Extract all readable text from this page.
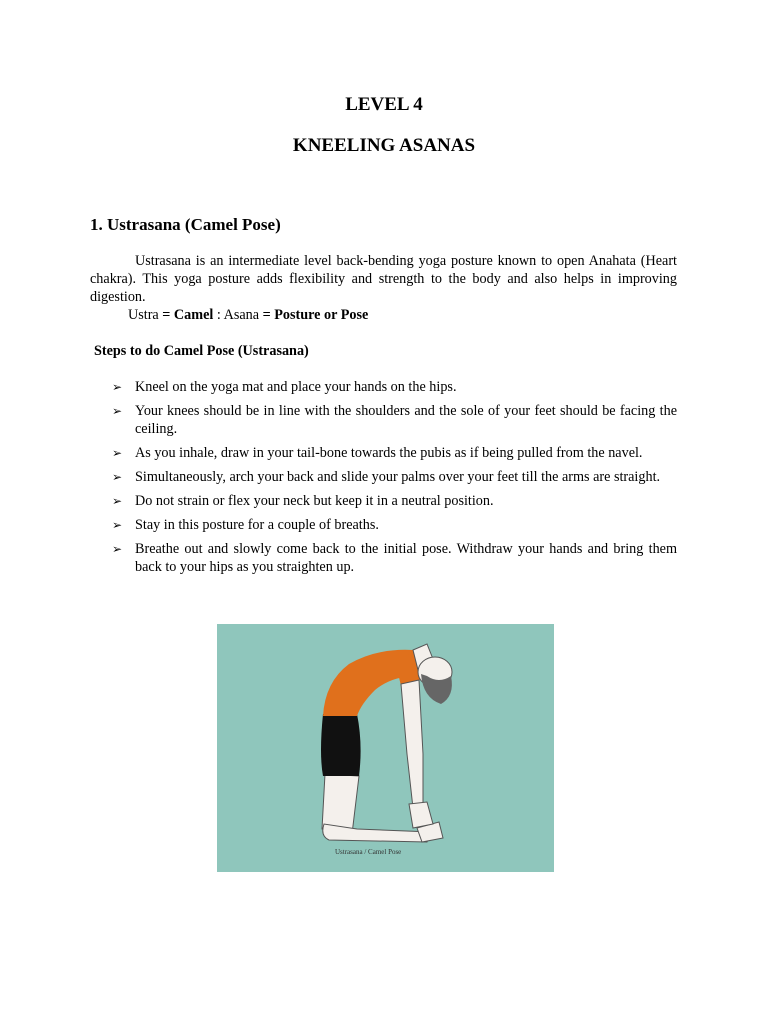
LEVEL 4
KNEELING ASANAS
1. Ustrasana (Camel Pose)

Ustrasana is an intermediate level back-bending yoga posture known to open Anahata (Heart chakra). This yoga posture adds flexibility and strength to the body and also helps in improving digestion.

Ustra = Camel : Asana = Posture or Pose
Steps to do Camel Pose (Ustrasana)
➢ Kneel on the yoga mat and place your hands on the hips.
➢ Your knees should be in line with the shoulders and the sole of your feet should be facing the ceiling.
➢ As you inhale, draw in your tail-bone towards the pubis as if being pulled from the navel.
➢ Simultaneously, arch your back and slide your palms over your feet till the arms are straight.
➢ Do not strain or flex your neck but keep it in a neutral position.
➢ Stay in this posture for a couple of breaths.
➢ Breathe out and slowly come back to the initial pose. Withdraw your hands and bring them back to your hips as you straighten up.
Ustrasana / Camel Pose
